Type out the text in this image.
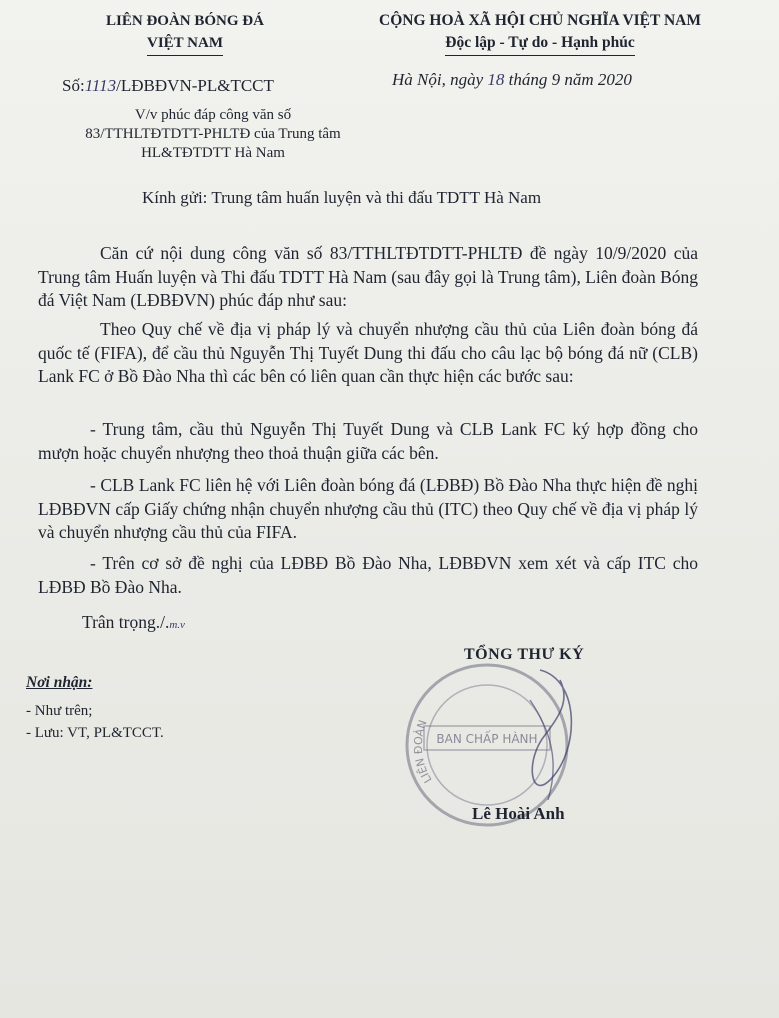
LIÊN ĐOÀN BÓNG ĐÁ
VIỆT NAM
CỘNG HOÀ XÃ HỘI CHỦ NGHĨA VIỆT NAM
Độc lập - Tự do - Hạnh phúc
Số:1113/LĐBĐVN-PL&TCCT	Hà Nội, ngày 18 tháng 9 năm 2020
V/v phúc đáp công văn số 83/TTHLTĐTDTT-PHLTĐ của Trung tâm HL&TĐTDTT Hà Nam
Kính gửi: Trung tâm huấn luyện và thi đấu TDTT Hà Nam
Căn cứ nội dung công văn số 83/TTHLTĐTDTT-PHLTĐ đề ngày 10/9/2020 của Trung tâm Huấn luyện và Thi đấu TDTT Hà Nam (sau đây gọi là Trung tâm), Liên đoàn Bóng đá Việt Nam (LĐBĐVN) phúc đáp như sau:
Theo Quy chế về địa vị pháp lý và chuyển nhượng cầu thủ của Liên đoàn bóng đá quốc tế (FIFA), để cầu thủ Nguyễn Thị Tuyết Dung thi đấu cho câu lạc bộ bóng đá nữ (CLB) Lank FC ở Bồ Đào Nha thì các bên có liên quan cần thực hiện các bước sau:
- Trung tâm, cầu thủ Nguyễn Thị Tuyết Dung và CLB Lank FC ký hợp đồng cho mượn hoặc chuyển nhượng theo thoả thuận giữa các bên.
- CLB Lank FC liên hệ với Liên đoàn bóng đá (LĐBĐ) Bồ Đào Nha thực hiện đề nghị LĐBĐVN cấp Giấy chứng nhận chuyển nhượng cầu thủ (ITC) theo Quy chế về địa vị pháp lý và chuyển nhượng cầu thủ của FIFA.
- Trên cơ sở đề nghị của LĐBĐ Bồ Đào Nha, LĐBĐVN xem xét và cấp ITC cho LĐBĐ Bồ Đào Nha.
Trân trọng./.m.v
TỔNG THƯ KÝ
Nơi nhận:
- Như trên;
- Lưu: VT, PL&TCCT.
LIÊN ĐOÀN
BAN CHẤP HÀNH
Lê Hoài Anh
